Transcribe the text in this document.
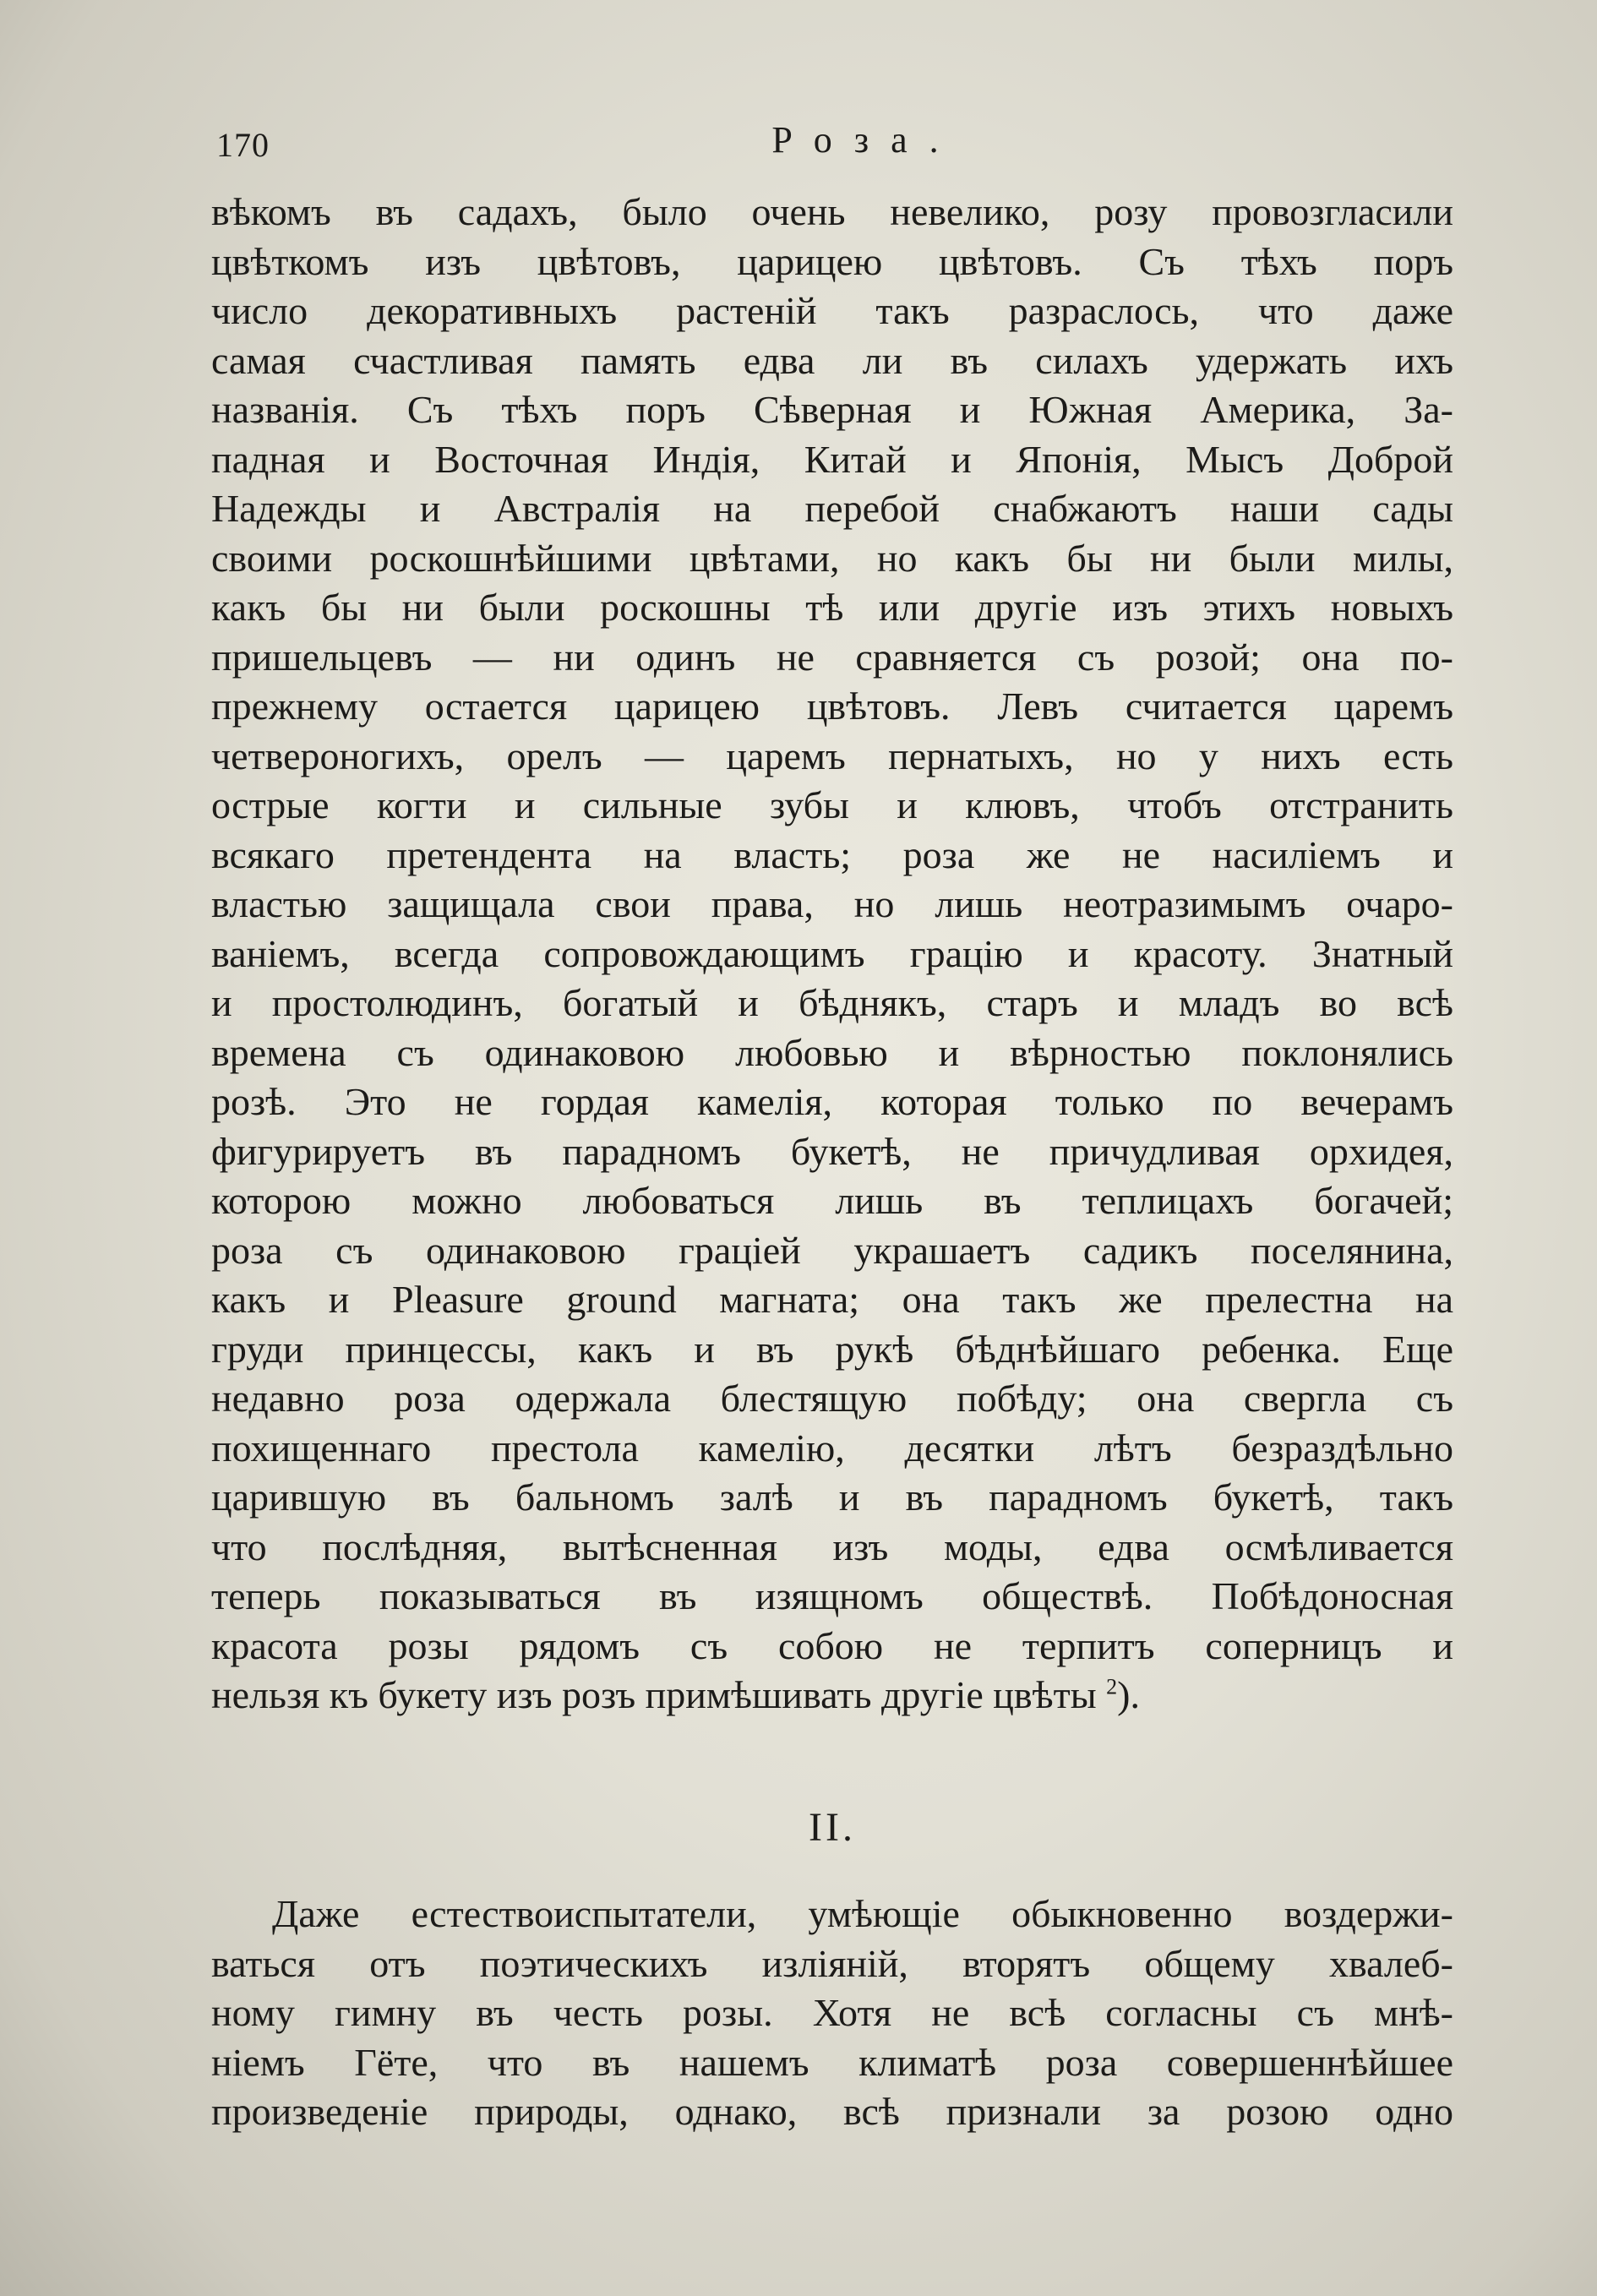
170	Роза.
вѣкомъ въ садахъ, было очень невелико, розу провозгласили
цвѣткомъ изъ цвѣтовъ, царицею цвѣтовъ. Съ тѣхъ поръ
число декоративныхъ растеній такъ разраслось, что даже
самая счастливая память едва ли въ силахъ удержать ихъ
названія. Съ тѣхъ поръ Сѣверная и Южная Америка, За-
падная и Восточная Индія, Китай и Японія, Мысъ Доброй
Надежды и Австралія на перебой снабжаютъ наши сады
своими роскошнѣйшими цвѣтами, но какъ бы ни были милы,
какъ бы ни были роскошны тѣ или другіе изъ этихъ новыхъ
пришельцевъ — ни одинъ не сравняется съ розой; она по-
прежнему остается царицею цвѣтовъ. Левъ считается царемъ
четвероногихъ, орелъ — царемъ пернатыхъ, но у нихъ есть
острые когти и сильные зубы и клювъ, чтобъ отстранить
всякаго претендента на власть; роза же не насиліемъ и
властью защищала свои права, но лишь неотразимымъ очаро-
ваніемъ, всегда сопровождающимъ грацію и красоту. Знатный
и простолюдинъ, богатый и бѣднякъ, старъ и младъ во всѣ
времена съ одинаковою любовью и вѣрностью поклонялись
розѣ. Это не гордая камелія, которая только по вечерамъ
фигурируетъ въ парадномъ букетѣ, не причудливая орхидея,
которою можно любоваться лишь въ теплицахъ богачей;
роза съ одинаковою граціей украшаетъ садикъ поселянина,
какъ и Pleasure ground магната; она такъ же прелестна на
груди принцессы, какъ и въ рукѣ бѣднѣйшаго ребенка. Еще
недавно роза одержала блестящую побѣду; она свергла съ
похищеннаго престола камелію, десятки лѣтъ безраздѣльно
царившую въ бальномъ залѣ и въ парадномъ букетѣ, такъ
что послѣдняя, вытѣсненная изъ моды, едва осмѣливается
теперь показываться въ изящномъ обществѣ. Побѣдоносная
красота розы рядомъ съ собою не терпитъ соперницъ и
нельзя къ букету изъ розъ примѣшивать другіе цвѣты $^2$).
II.
Даже естествоиспытатели, умѣющіе обыкновенно воздержи-
ваться отъ поэтическихъ изліяній, вторятъ общему хвалеб-
ному гимну въ честь розы. Хотя не всѣ согласны съ мнѣ-
ніемъ Гёте, что въ нашемъ климатѣ роза совершеннѣйшее
произведеніе природы, однако, всѣ признали за розою одно
